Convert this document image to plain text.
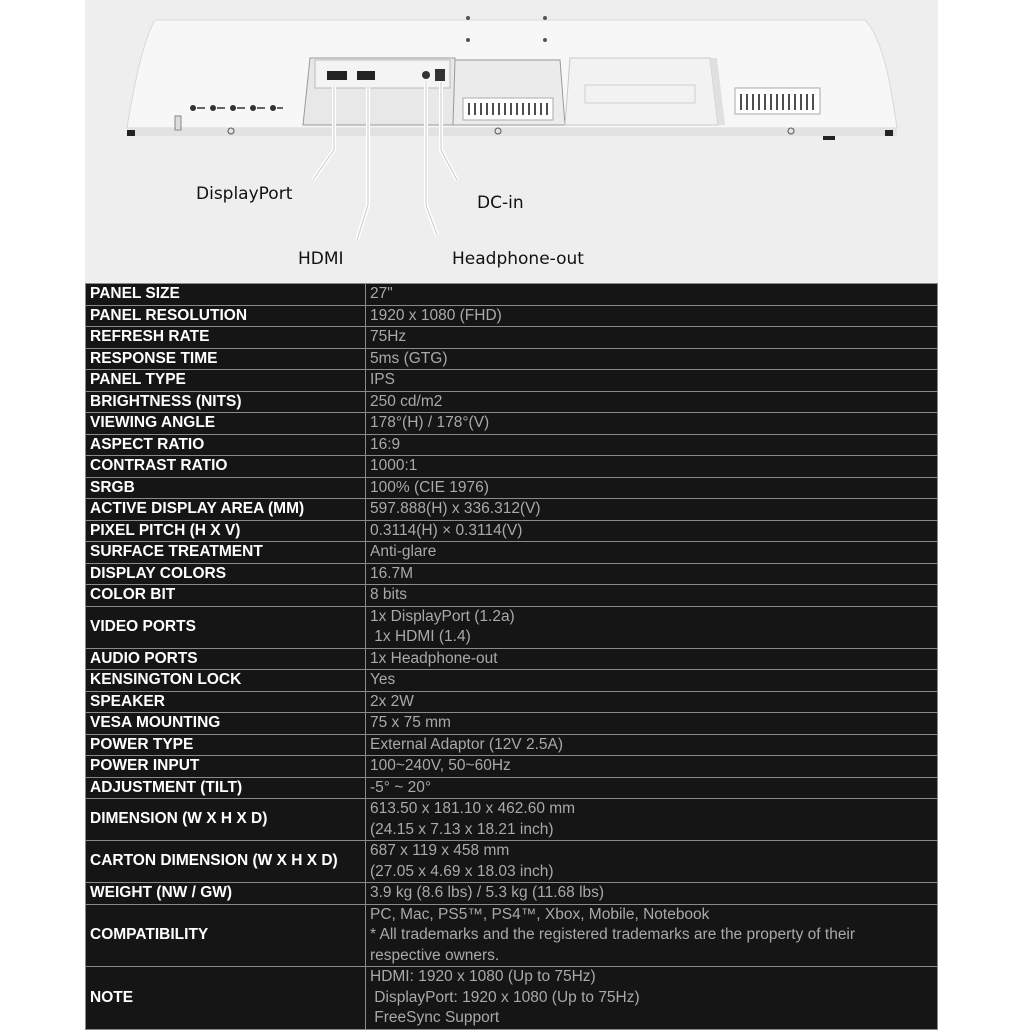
DisplayPort
HDMI
DC-in
Headphone-out
PANEL SIZE	27"

PANEL RESOLUTION	1920 x 1080 (FHD)

REFRESH RATE	75Hz

RESPONSE TIME	5ms (GTG)

PANEL TYPE	IPS

BRIGHTNESS (NITS)	250 cd/m2

VIEWING ANGLE	178°(H) / 178°(V)

ASPECT RATIO	16:9

CONTRAST RATIO	1000:1

SRGB	100% (CIE 1976)

ACTIVE DISPLAY AREA (MM)	597.888(H) x 336.312(V)

PIXEL PITCH (H X V)	0.3114(H) × 0.3114(V)

SURFACE TREATMENT	Anti-glare

DISPLAY COLORS	16.7M

COLOR BIT	8 bits

VIDEO PORTS	1x DisplayPort (1.2a)
1x HDMI (1.4)

AUDIO PORTS	1x Headphone-out

KENSINGTON LOCK	Yes

SPEAKER	2x 2W

VESA MOUNTING	75 x 75 mm

POWER TYPE	External Adaptor (12V 2.5A)

POWER INPUT	100~240V, 50~60Hz

ADJUSTMENT (TILT)	-5° ~ 20°

DIMENSION (W X H X D)	613.50 x 181.10 x 462.60 mm
(24.15 x 7.13 x 18.21 inch)

CARTON DIMENSION (W X H X D)	687 x 119 x 458 mm
(27.05 x 4.69 x 18.03 inch)

WEIGHT (NW / GW)	3.9 kg (8.6 lbs) / 5.3 kg (11.68 lbs)

COMPATIBILITY	PC, Mac, PS5™, PS4™, Xbox, Mobile, Notebook
* All trademarks and the registered trademarks are the property of their
respective owners.

NOTE	HDMI: 1920 x 1080 (Up to 75Hz)
DisplayPort: 1920 x 1080 (Up to 75Hz)
FreeSync Support
